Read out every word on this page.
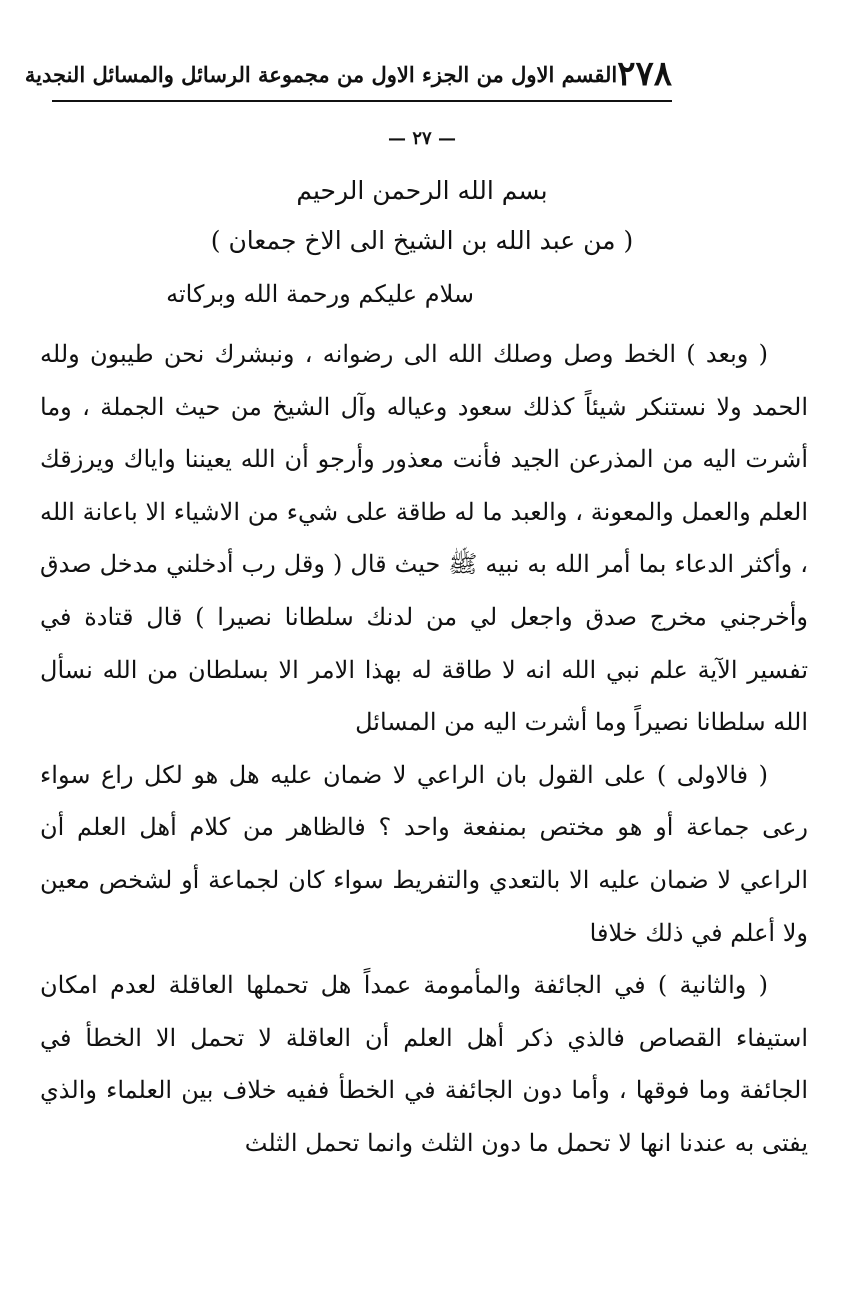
٢٧٨
القسم الاول من الجزء الاول من مجموعة الرسائل والمسائل النجدية
— ٢٧ —
بسم الله الرحمن الرحيم
( من عبد الله بن الشيخ الى الاخ جمعان )
سلام عليكم ورحمة الله وبركاته

( وبعد ) الخط وصل وصلك الله الى رضوانه ، ونبشرك نحن طيبون ولله الحمد ولا نستنكر شيئاً كذلك سعود وعياله وآل الشيخ من حيث الجملة ، وما أشرت اليه من المذرعن الجيد فأنت معذور وأرجو أن الله يعيننا واياك ويرزقك العلم والعمل والمعونة ، والعبد ما له طاقة على شيء من الاشياء الا باعانة الله ، وأكثر الدعاء بما أمر الله به نبيه ﷺ حيث قال ( وقل رب أدخلني مدخل صدق وأخرجني مخرج صدق واجعل لي من لدنك سلطانا نصيرا ) قال قتادة في تفسير الآية علم نبي الله انه لا طاقة له بهذا الامر الا بسلطان من الله نسأل الله سلطانا نصيراً وما أشرت اليه من المسائل

( فالاولى ) على القول بان الراعي لا ضمان عليه هل هو لكل راع سواء رعى جماعة أو هو مختص بمنفعة واحد ؟ فالظاهر من كلام أهل العلم أن الراعي لا ضمان عليه الا بالتعدي والتفريط سواء كان لجماعة أو لشخص معين ولا أعلم في ذلك خلافا

( والثانية ) في الجائفة والمأمومة عمداً هل تحملها العاقلة لعدم امكان استيفاء القصاص فالذي ذكر أهل العلم أن العاقلة لا تحمل الا الخطأ في الجائفة وما فوقها ، وأما دون الجائفة في الخطأ ففيه خلاف بين العلماء والذي يفتى به عندنا انها لا تحمل ما دون الثلث وانما تحمل الثلث
